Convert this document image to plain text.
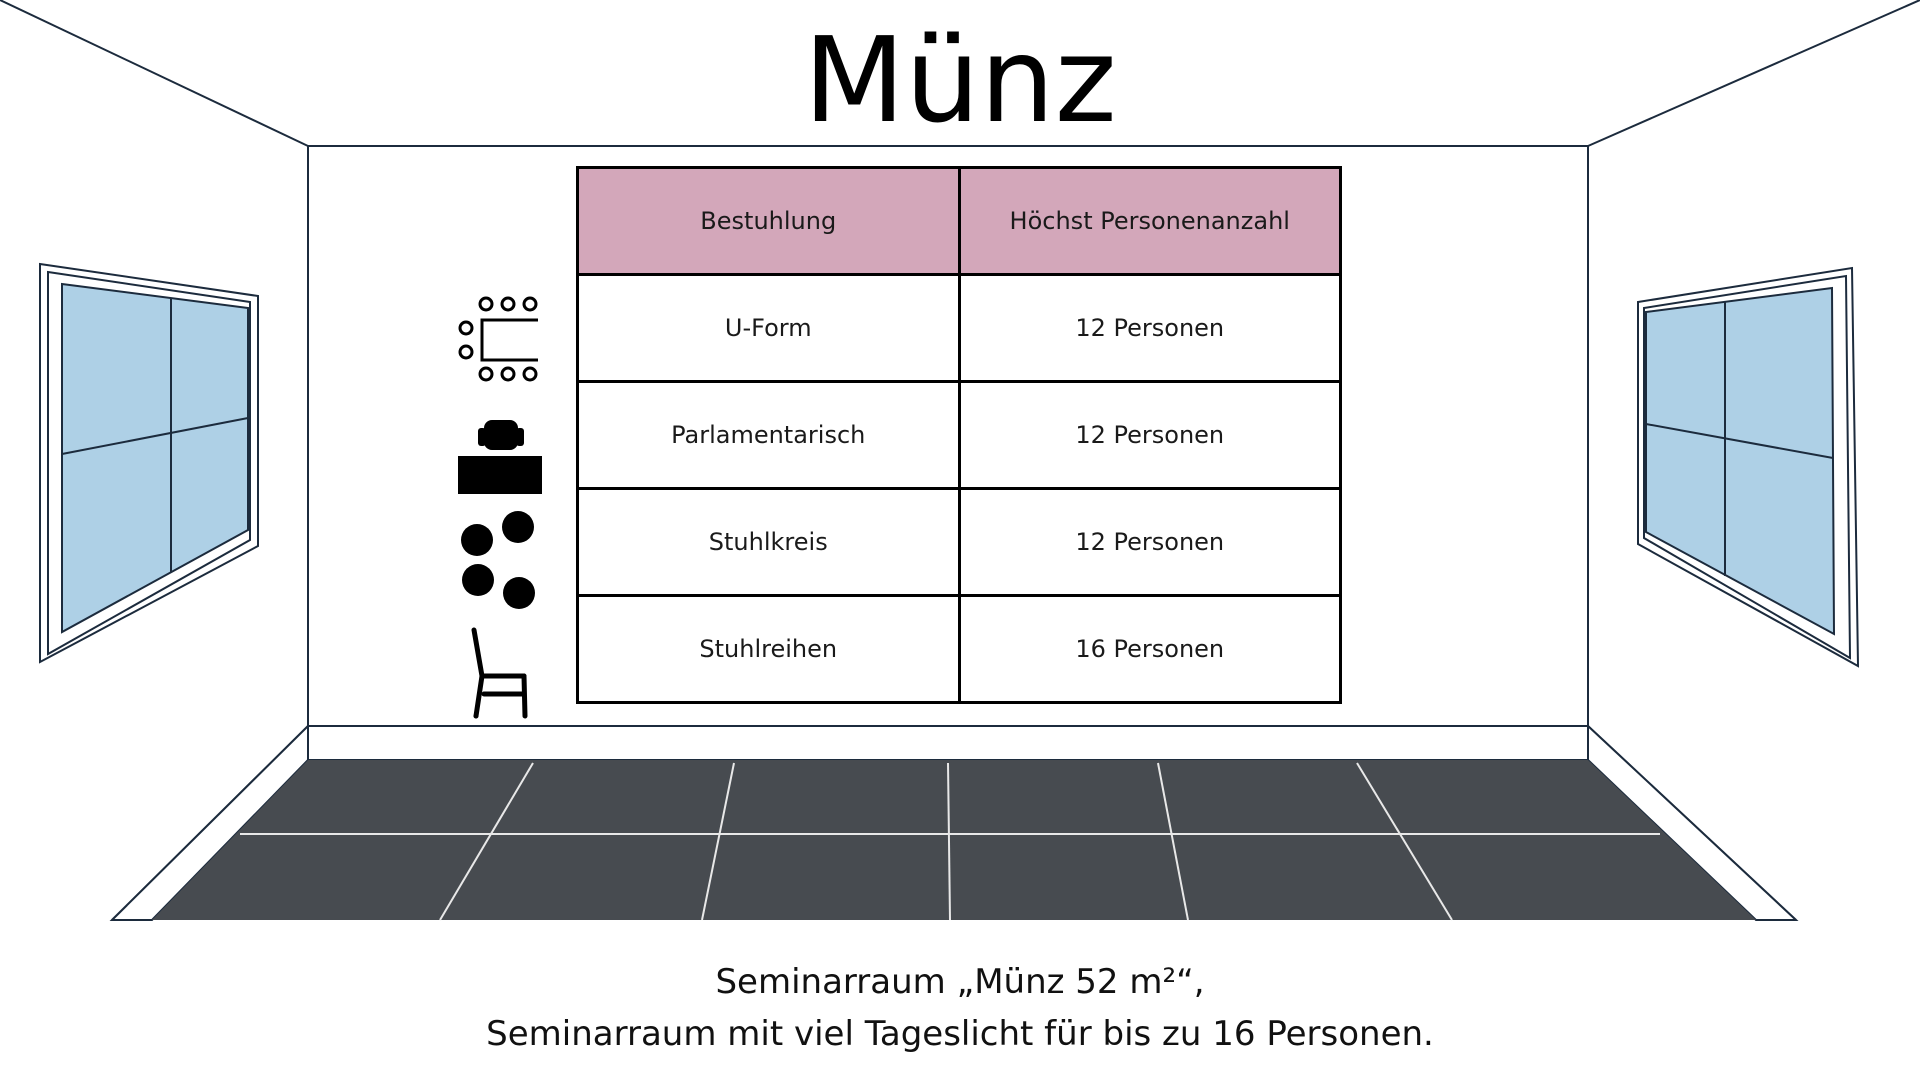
Münz
Bestuhlung	Höchst Personenanzahl
U-Form	12 Personen
Parlamentarisch	12 Personen
Stuhlkreis	12 Personen
Stuhlreihen	16 Personen
Seminarraum „Münz 52 m²“,
Seminarraum mit viel Tageslicht für bis zu 16 Personen.
